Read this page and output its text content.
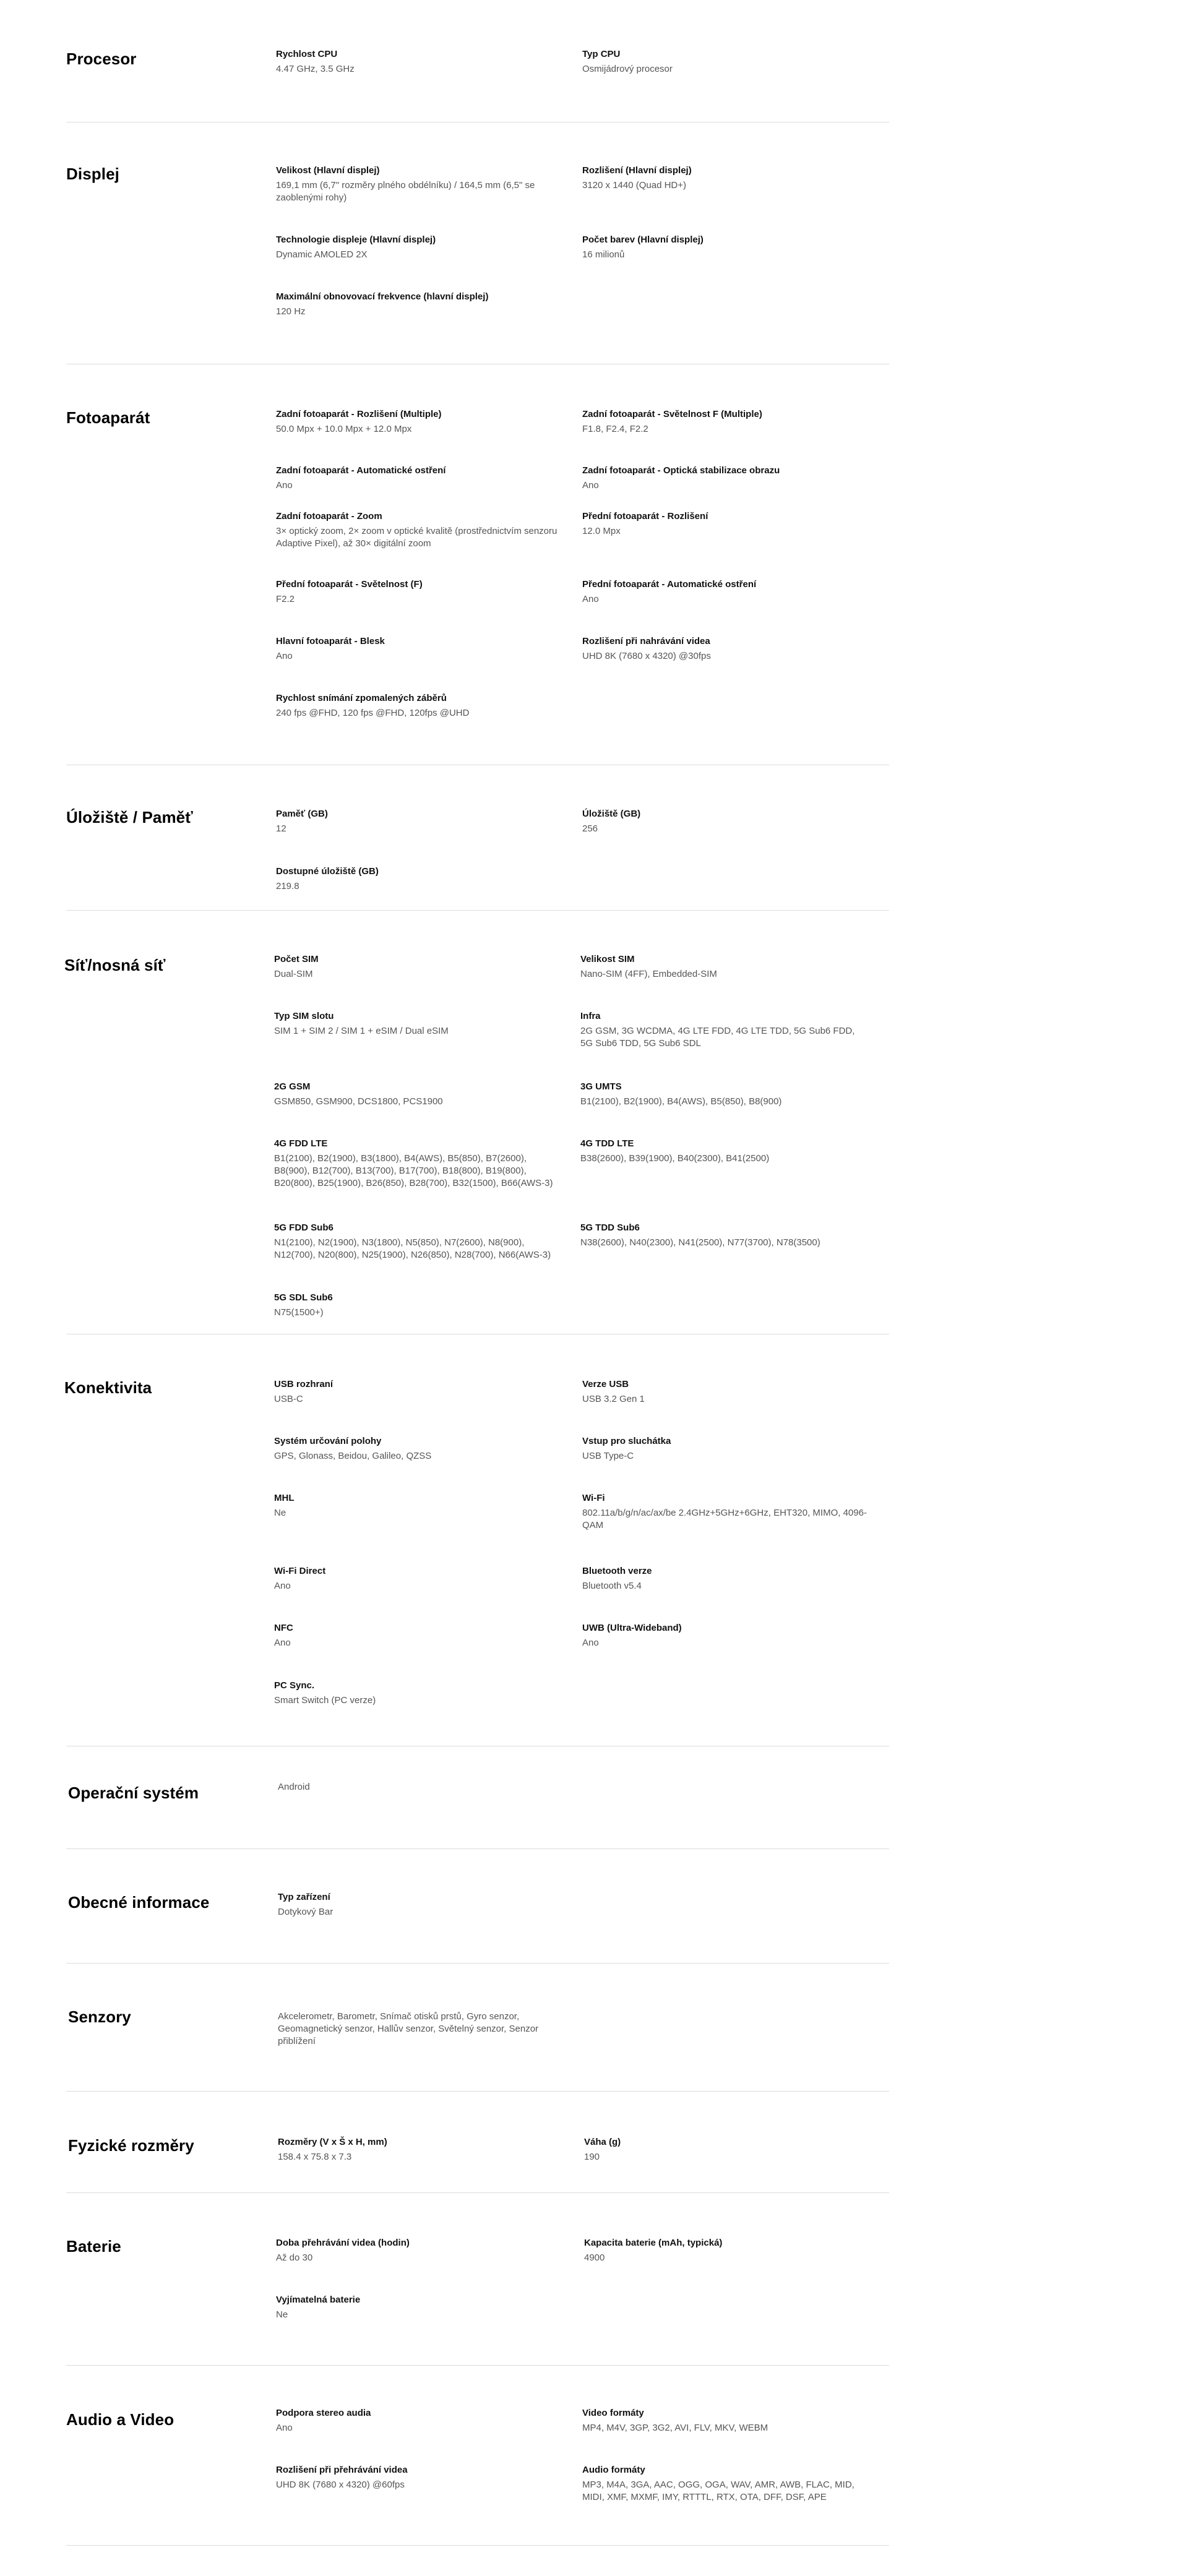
Procesor	Rychlost CPU
4.47 GHz, 3.5 GHz
Typ CPU
Osmijádrový procesor
Displej	Velikost (Hlavní displej)
169,1 mm (6,7" rozměry plného obdélníku) / 164,5 mm (6,5" se zaoblenými rohy)
Rozlišení (Hlavní displej)
3120 x 1440 (Quad HD+)
Technologie displeje (Hlavní displej)
Dynamic AMOLED 2X
Počet barev (Hlavní displej)
16 milionů
Maximální obnovovací frekvence (hlavní displej)
120 Hz
Fotoaparát	Zadní fotoaparát - Rozlišení (Multiple)
50.0 Mpx + 10.0 Mpx + 12.0 Mpx
Zadní fotoaparát - Světelnost F (Multiple)
F1.8, F2.4, F2.2
Zadní fotoaparát - Automatické ostření
Ano
Zadní fotoaparát - Optická stabilizace obrazu
Ano
Zadní fotoaparát - Zoom
3× optický zoom, 2× zoom v optické kvalitě (prostřednictvím senzoru Adaptive Pixel), až 30× digitální zoom
Přední fotoaparát - Rozlišení
12.0 Mpx
Přední fotoaparát - Světelnost (F)
F2.2
Přední fotoaparát - Automatické ostření
Ano
Hlavní fotoaparát - Blesk
Ano
Rozlišení při nahrávání videa
UHD 8K (7680 x 4320) @30fps
Rychlost snímání zpomalených záběrů
240 fps @FHD, 120 fps @FHD, 120fps @UHD
Úložiště / Paměť	Paměť (GB)
12
Úložiště (GB)
256
Dostupné úložiště (GB)
219.8
Síť/nosná síť	Počet SIM
Dual-SIM
Velikost SIM
Nano-SIM (4FF), Embedded-SIM
Typ SIM slotu
SIM 1 + SIM 2 / SIM 1 + eSIM / Dual eSIM
Infra
2G GSM, 3G WCDMA, 4G LTE FDD, 4G LTE TDD, 5G Sub6 FDD, 5G Sub6 TDD, 5G Sub6 SDL
2G GSM
GSM850, GSM900, DCS1800, PCS1900
3G UMTS
B1(2100), B2(1900), B4(AWS), B5(850), B8(900)
4G FDD LTE
B1(2100), B2(1900), B3(1800), B4(AWS), B5(850), B7(2600), B8(900), B12(700), B13(700), B17(700), B18(800), B19(800), B20(800), B25(1900), B26(850), B28(700), B32(1500), B66(AWS-3)
4G TDD LTE
B38(2600), B39(1900), B40(2300), B41(2500)
5G FDD Sub6
N1(2100), N2(1900), N3(1800), N5(850), N7(2600), N8(900), N12(700), N20(800), N25(1900), N26(850), N28(700), N66(AWS-3)
5G TDD Sub6
N38(2600), N40(2300), N41(2500), N77(3700), N78(3500)
5G SDL Sub6
N75(1500+)
Konektivita	USB rozhraní
USB-C
Verze USB
USB 3.2 Gen 1
Systém určování polohy
GPS, Glonass, Beidou, Galileo, QZSS
Vstup pro sluchátka
USB Type-C
MHL
Ne
Wi-Fi
802.11a/b/g/n/ac/ax/be 2.4GHz+5GHz+6GHz, EHT320, MIMO, 4096-QAM
Wi-Fi Direct
Ano
Bluetooth verze
Bluetooth v5.4
NFC
Ano
UWB (Ultra-Wideband)
Ano
PC Sync.
Smart Switch (PC verze)
Operační systém	Android
Obecné informace	Typ zařízení
Dotykový Bar
Senzory	Akcelerometr, Barometr, Snímač otisků prstů, Gyro senzor, Geomagnetický senzor, Hallův senzor, Světelný senzor, Senzor přiblížení
Fyzické rozměry	Rozměry (V x Š x H, mm)
158.4 x 75.8 x 7.3
Váha (g)
190
Baterie	Doba přehrávání videa (hodin)
Až do 30
Kapacita baterie (mAh, typická)
4900
Vyjímatelná baterie
Ne
Audio a Video	Podpora stereo audia
Ano
Video formáty
MP4, M4V, 3GP, 3G2, AVI, FLV, MKV, WEBM
Rozlišení při přehrávání videa
UHD 8K (7680 x 4320) @60fps
Audio formáty
MP3, M4A, 3GA, AAC, OGG, OGA, WAV, AMR, AWB, FLAC, MID, MIDI, XMF, MXMF, IMY, RTTTL, RTX, OTA, DFF, DSF, APE
